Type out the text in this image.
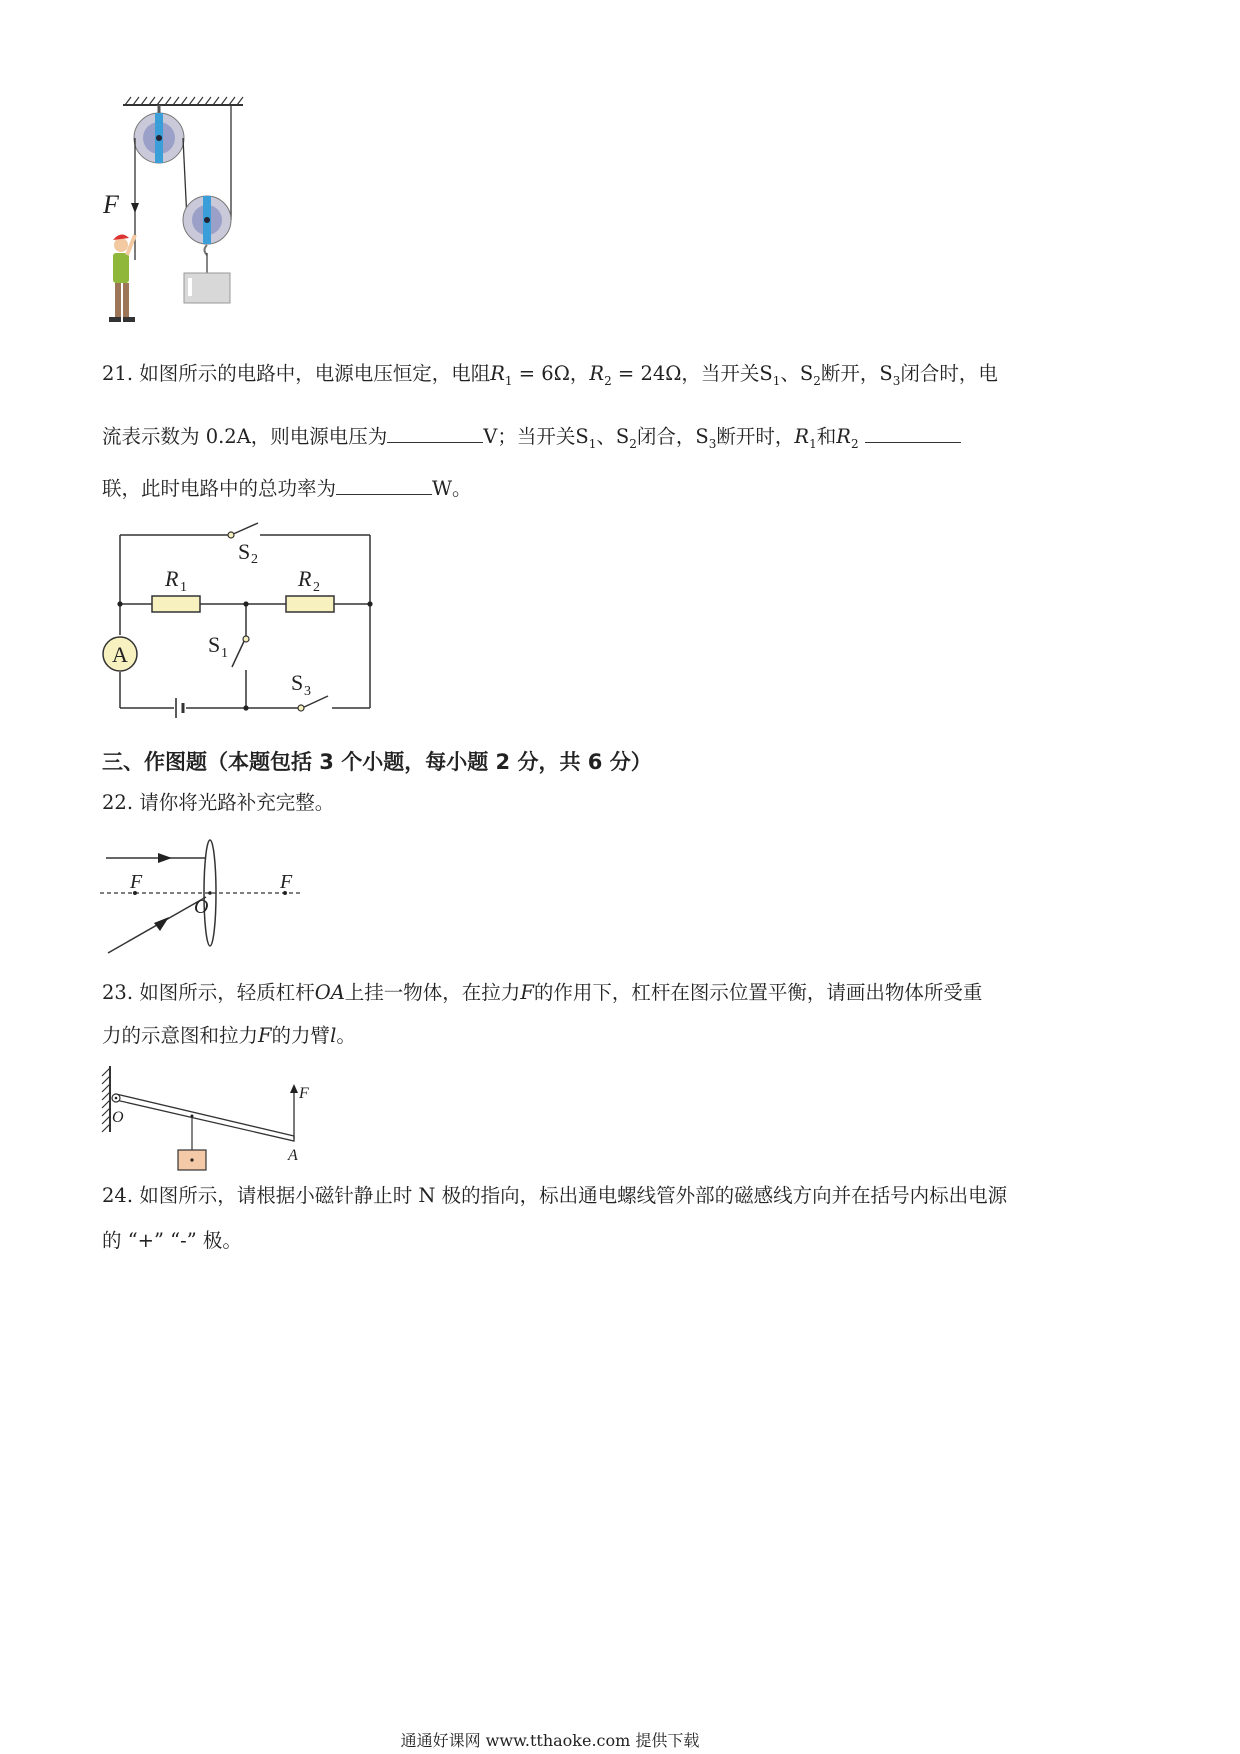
F
21. 如图所示的电路中，电源电压恒定，电阻$R_1 = 6\Omega$，$R_2 = 24\Omega$，当开关$S_1$、$S_2$断开，$S_3$闭合时，电
流表示数为 0.2A，则电源电压为	V；当开关$S_1$、$S_2$闭合，$S_3$断开时，$R_1$和$R_2$
联，此时电路中的总功率为	W。
A
S 2
R 1	R 2
S 1
S 3
三、作图题（本题包括 3 个小题，每小题 2 分，共 6 分）
22. 请你将光路补充完整。
F	F
O
23. 如图所示，轻质杠杆OA上挂一物体，在拉力F的作用下，杠杆在图示位置平衡，请画出物体所受重
力的示意图和拉力F的力臂l。
O
A
F
24. 如图所示，请根据小磁针静止时 N 极的指向，标出通电螺线管外部的磁感线方向并在括号内标出电源
的 “+” “-” 极。
通通好课网 www.tthaoke.com 提供下载
